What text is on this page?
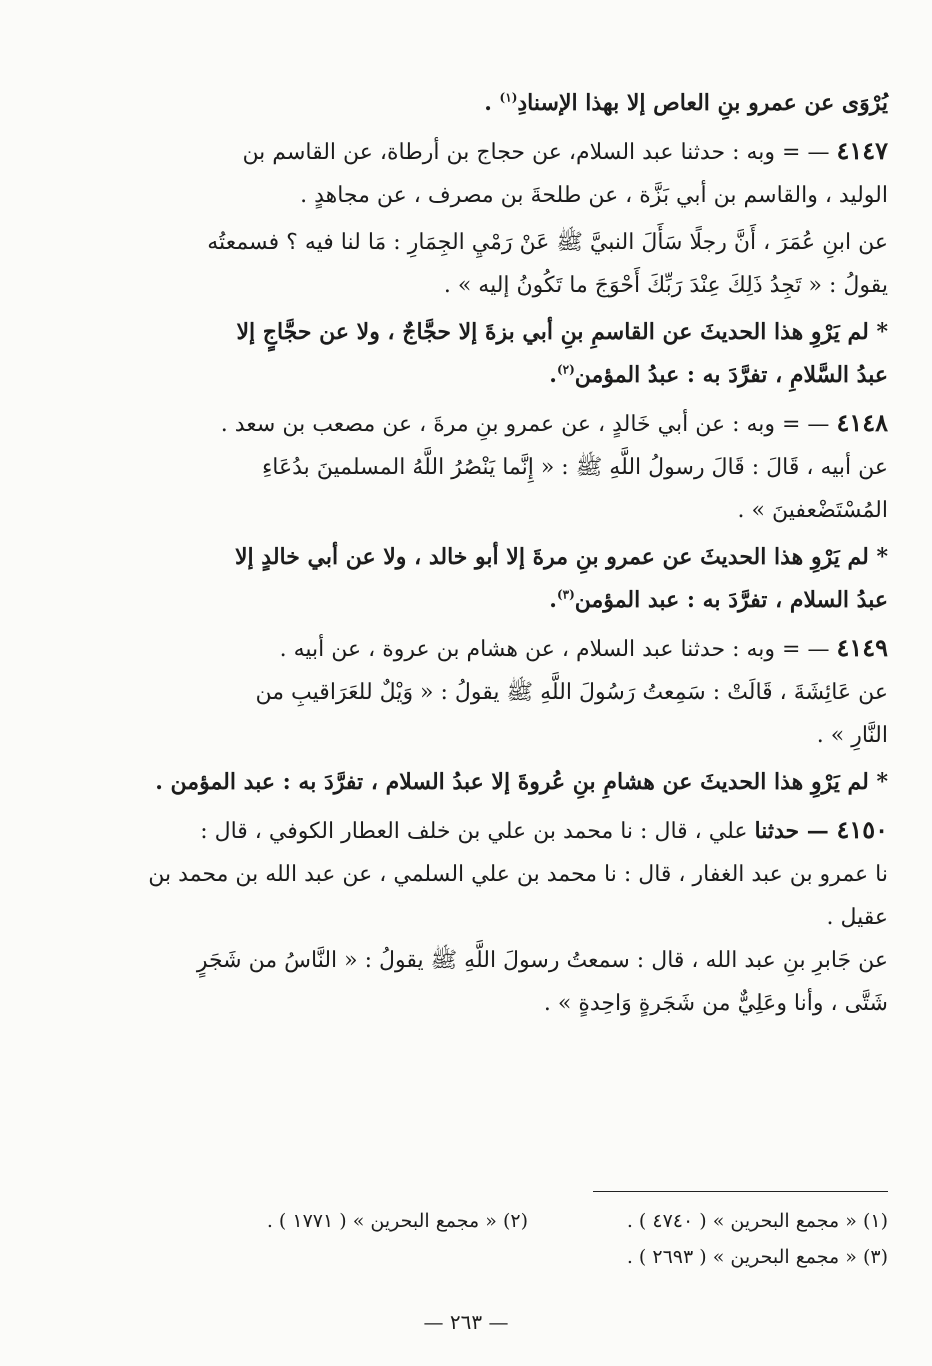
يُرْوَى عن عمرو بنِ العاص إلا بهذا الإسنادِ$^{(١)}$ .

٤١٤٧ — = وبه : حدثنا عبد السلام، عن حجاج بن أرطاة، عن القاسم بن
الوليد ، والقاسم بن أبي بَزَّة ، عن طلحةَ بن مصرف ، عن مجاهدٍ .

عن ابنِ عُمَرَ ، أَنَّ رجلًا سَأَلَ النبيَّ ﷺ عَنْ رَمْيِ الجِمَارِ : مَا لنا فيه ؟ فسمعتُه
يقولُ : « تَجِدُ ذَلِكَ عِنْدَ رَبِّكَ أَحْوَجَ ما تَكُونُ إليه » .

* لم يَرْوِ هذا الحديثَ عن القاسمِ بنِ أبي بزةَ إلا حجَّاجٌ ، ولا عن حجَّاجٍ إلا
عبدُ السَّلامِ ، تفرَّدَ به : عبدُ المؤمن$^{(٢)}$.

٤١٤٨ — = وبه : عن أبي خَالدٍ ، عن عمرو بنِ مرةَ ، عن مصعب بن سعد .

عن أبيه ، قَالَ : قَالَ رسولُ اللَّهِ ﷺ : « إِنَّما يَنْصُرُ اللَّهُ المسلمينَ بدُعَاءِ
المُسْتَضْعفينَ » .

* لم يَرْوِ هذا الحديثَ عن عمرو بنِ مرةَ إلا أبو خالد ، ولا عن أبي خالدٍ إلا
عبدُ السلام ، تفرَّدَ به : عبد المؤمن$^{(٣)}$.

٤١٤٩ — = وبه : حدثنا عبد السلام ، عن هشام بن عروة ، عن أبيه .

عن عَائِشَةَ ، قَالَتْ : سَمِعتُ رَسُولَ اللَّهِ ﷺ يقولُ : « وَيْلٌ للعَرَاقيبِ من
النَّارِ » .

* لم يَرْوِ هذا الحديثَ عن هشامِ بنِ عُروةَ إلا عبدُ السلام ، تفرَّدَ به : عبد المؤمن .

٤١٥٠ — حدثنا علي ، قال : نا محمد بن علي بن خلف العطار الكوفي ، قال :
نا عمرو بن عبد الغفار ، قال : نا محمد بن علي السلمي ، عن عبد الله بن محمد بن
عقيل .

عن جَابرِ بنِ عبد الله ، قال : سمعتُ رسولَ اللَّهِ ﷺ يقولُ : « النَّاسُ من شَجَرٍ
شَتَّى ، وأنا وعَلِيٌّ من شَجَرةٍ وَاحِدةٍ » .

(١) « مجمع البحرين » ( ٤٧٤٠ ) .
(٢) « مجمع البحرين » ( ١٧٧١ ) .
(٣) « مجمع البحرين » ( ٢٦٩٣ ) .
— ٢٦٣ —
